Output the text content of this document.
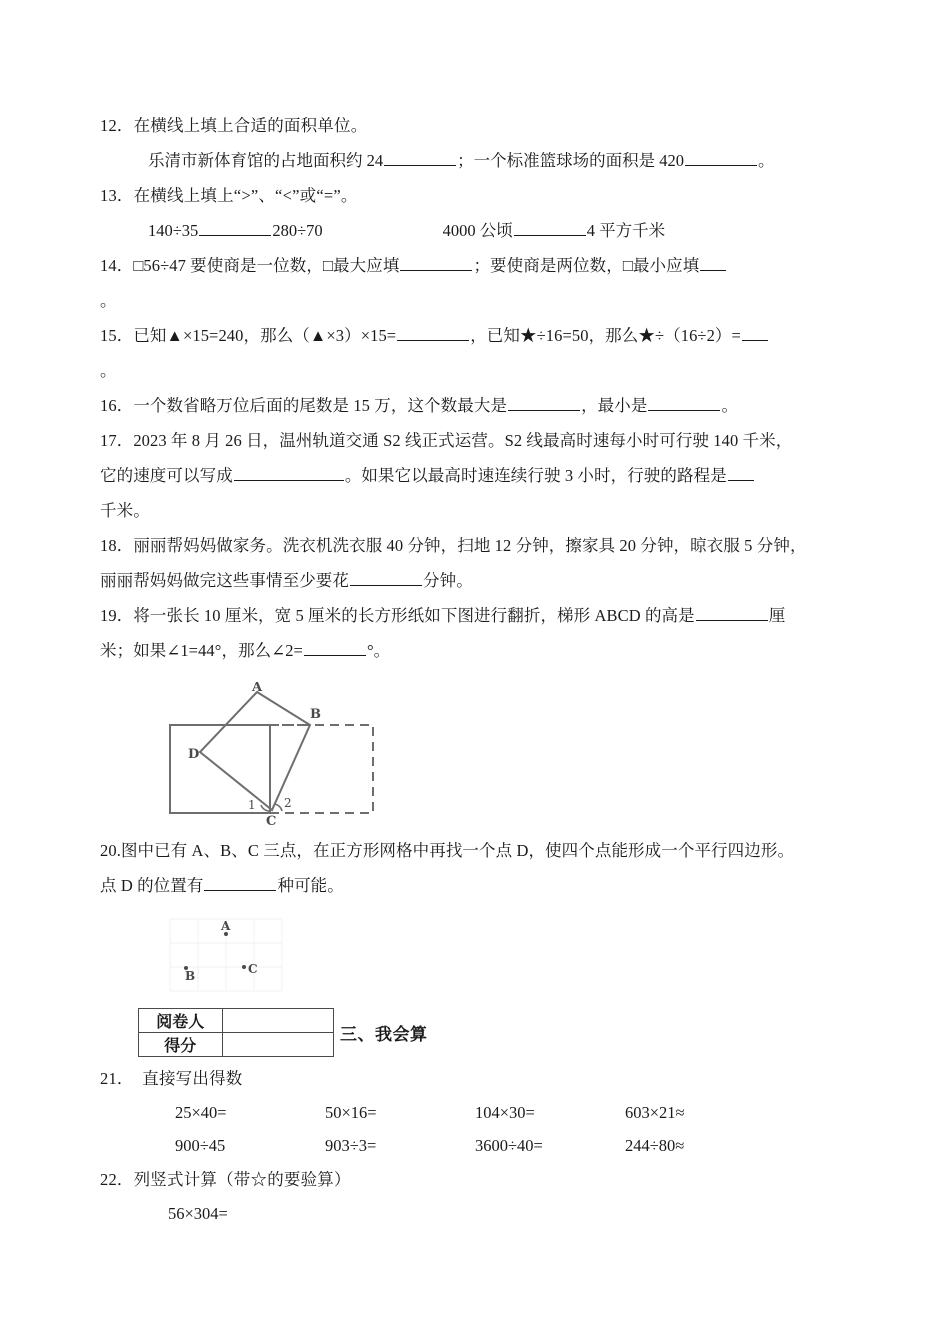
12．在横线上填上合适的面积单位。
乐清市新体育馆的占地面积约 24	；一个标准篮球场的面积是 420	。
13．在横线上填上“>”、“<”或“=”。
140÷35	280÷70	4000 公顷	4 平方千米
14．□56÷47 要使商是一位数，□最大应填	；要使商是两位数，□最小应填
。
15．已知▲×15=240，那么（▲×3）×15=	，已知★÷16=50，那么★÷（16÷2）=
。
16．一个数省略万位后面的尾数是 15 万，这个数最大是	，最小是	。
17．2023 年 8 月 26 日，温州轨道交通 S2 线正式运营。S2 线最高时速每小时可行驶 140 千米，
它的速度可以写成	。如果它以最高时速连续行驶 3 小时，行驶的路程是
千米。
18．丽丽帮妈妈做家务。洗衣机洗衣服 40 分钟，扫地 12 分钟，擦家具 20 分钟，晾衣服 5 分钟，
丽丽帮妈妈做完这些事情至少要花	分钟。
19．将一张长 10 厘米，宽 5 厘米的长方形纸如下图进行翻折，梯形 ABCD 的高是	厘
米；如果∠1=44°，那么∠2=	°。
A
B
C
D
1 2
20.图中已有 A、B、C 三点，在正方形网格中再找一个点 D，使四个点能形成一个平行四边形。
点 D 的位置有	种可能。
A
B	C
阅卷人	
得分	
三、我会算
21． 直接写出得数
25×40=	50×16=	104×30=	603×21≈
900÷45	903÷3=	3600÷40=	244÷80≈
22．列竖式计算（带☆的要验算）
56×304=
